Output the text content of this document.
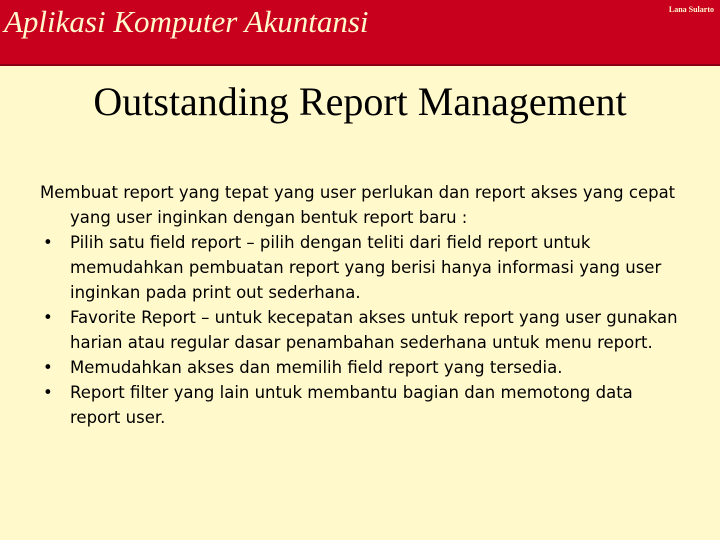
Aplikasi Komputer Akuntansi	Lana Sularto
Outstanding Report Management

Membuat report yang tepat yang user perlukan dan report akses yang cepat yang user inginkan dengan bentuk report baru :

• Pilih satu field report – pilih dengan teliti dari field report untuk memudahkan pembuatan report yang berisi hanya informasi yang user inginkan pada print out sederhana.
• Favorite Report – untuk kecepatan akses untuk report yang user gunakan harian atau regular dasar penambahan sederhana untuk menu report.
• Memudahkan akses dan memilih field report yang tersedia.
• Report filter yang lain untuk membantu bagian dan memotong data report user.
